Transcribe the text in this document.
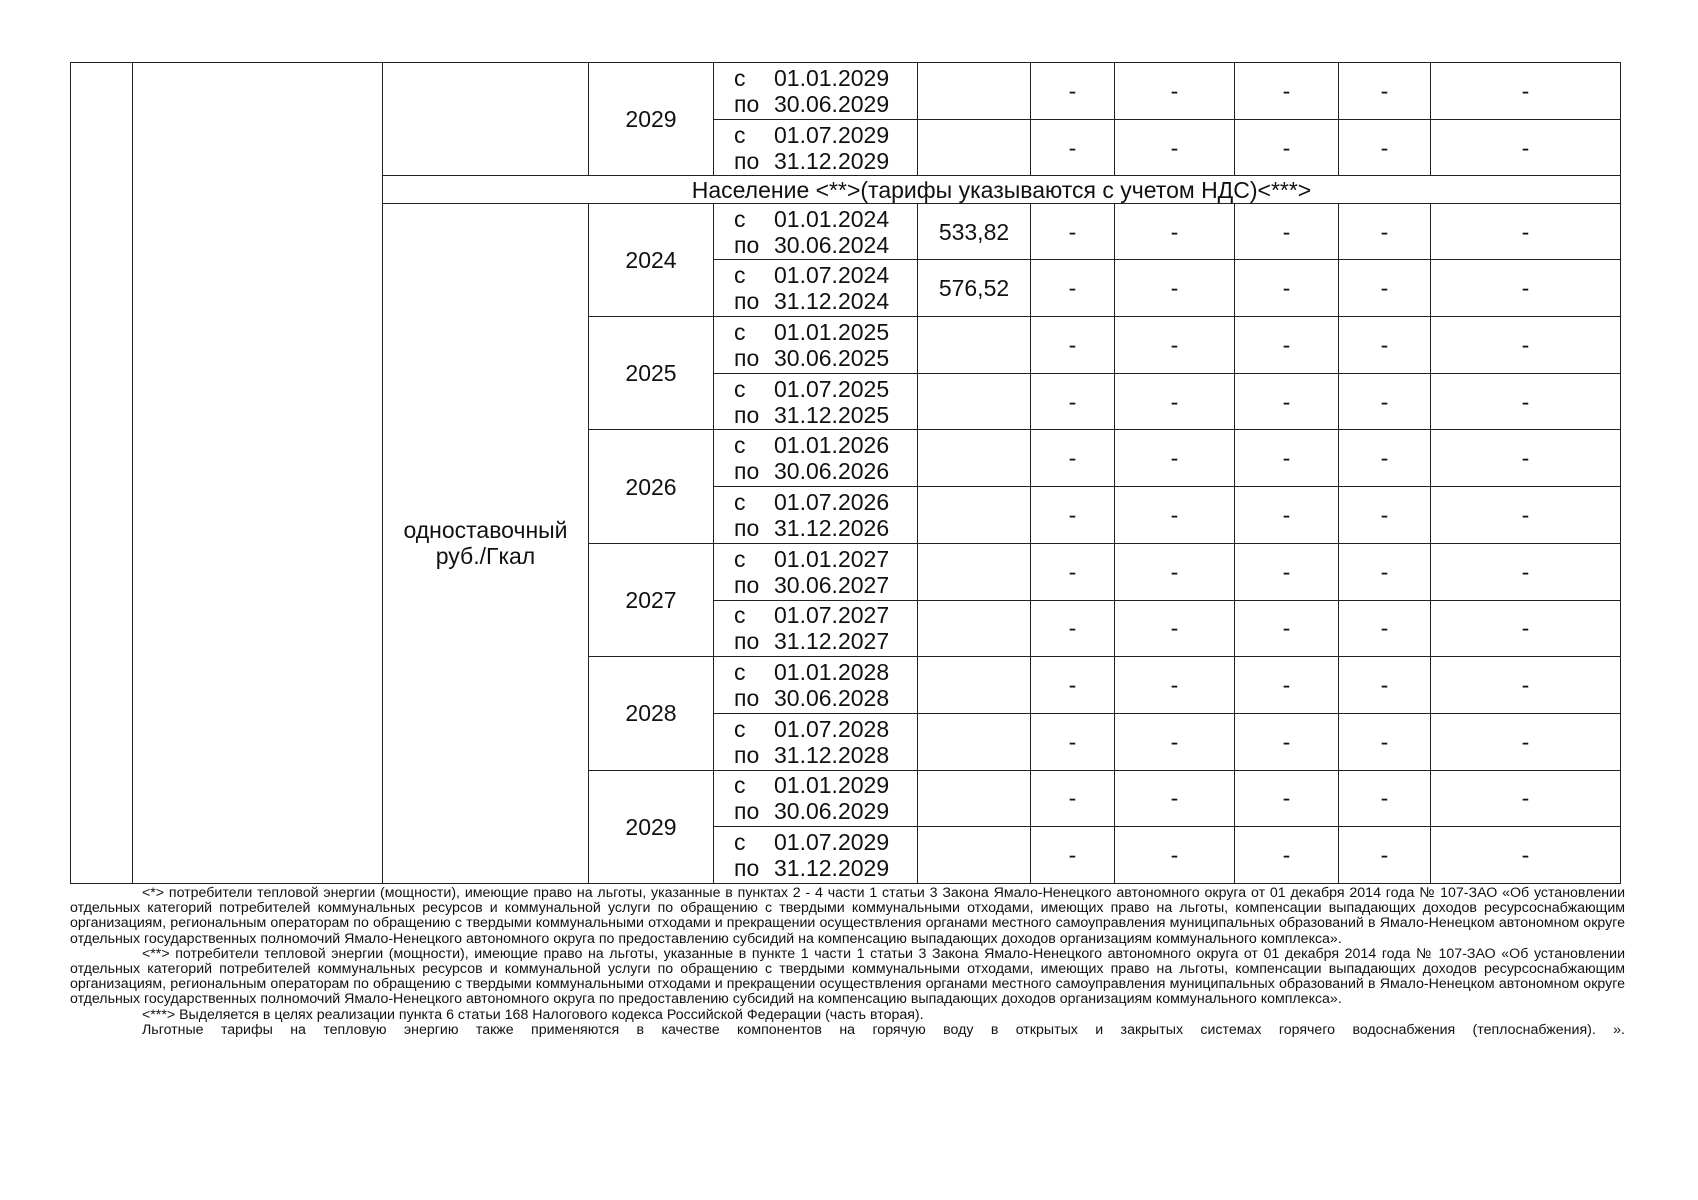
			2029	с 01.01.2029
по 30.06.2029		-	-	-	-	-

				с 01.07.2029
по 31.12.2029		-	-	-	-	-
		Население <**>(тарифы указываются с учетом НДС)<***>								
		одноставочный руб./Гкал	2024	с 01.01.2024
по 30.06.2024	533,82	-	-	-	-	-

				с 01.07.2024
по 31.12.2024	576,52	-	-	-	-	-
			2025	с 01.01.2025
по 30.06.2025		-	-	-	-	-

				с 01.07.2025
по 31.12.2025		-	-	-	-	-
			2026	с 01.01.2026
по 30.06.2026		-	-	-	-	-

				с 01.07.2026
по 31.12.2026		-	-	-	-	-
			2027	с 01.01.2027
по 30.06.2027		-	-	-	-	-

				с 01.07.2027
по 31.12.2027		-	-	-	-	-
			2028	с 01.01.2028
по 30.06.2028		-	-	-	-	-

				с 01.07.2028
по 31.12.2028		-	-	-	-	-
			2029	с 01.01.2029
по 30.06.2029		-	-	-	-	-

				с 01.07.2029
по 31.12.2029		-	-	-	-	-

<*> потребители тепловой энергии (мощности), имеющие право на льготы, указанные в пунктах 2 - 4 части 1 статьи 3 Закона Ямало-Ненецкого автономного округа от 01 декабря 2014 года № 107-ЗАО «Об установлении отдельных категорий потребителей коммунальных ресурсов и коммунальной услуги по обращению с твердыми коммунальными отходами, имеющих право на льготы, компенсации выпадающих доходов ресурсоснабжающим организациям, региональным операторам по обращению с твердыми коммунальными отходами и прекращении осуществления органами местного самоуправления муниципальных образований в Ямало-Ненецком автономном округе отдельных государственных полномочий Ямало-Ненецкого автономного округа по предоставлению субсидий на компенсацию выпадающих доходов организациям коммунального комплекса».

<**> потребители тепловой энергии (мощности), имеющие право на льготы, указанные в пункте 1 части 1 статьи 3 Закона Ямало-Ненецкого автономного округа от 01 декабря 2014 года № 107-ЗАО «Об установлении отдельных категорий потребителей коммунальных ресурсов и коммунальной услуги по обращению с твердыми коммунальными отходами, имеющих право на льготы, компенсации выпадающих доходов ресурсоснабжающим организациям, региональным операторам по обращению с твердыми коммунальными отходами и прекращении осуществления органами местного самоуправления муниципальных образований в Ямало-Ненецком автономном округе отдельных государственных полномочий Ямало-Ненецкого автономного округа по предоставлению субсидий на компенсацию выпадающих доходов организациям коммунального комплекса».

<***> Выделяется в целях реализации пункта 6 статьи 168 Налогового кодекса Российской Федерации (часть вторая).

Льготные тарифы на тепловую энергию также применяются в качестве компонентов на горячую воду в открытых и закрытых системах горячего водоснабжения (теплоснабжения). ».
